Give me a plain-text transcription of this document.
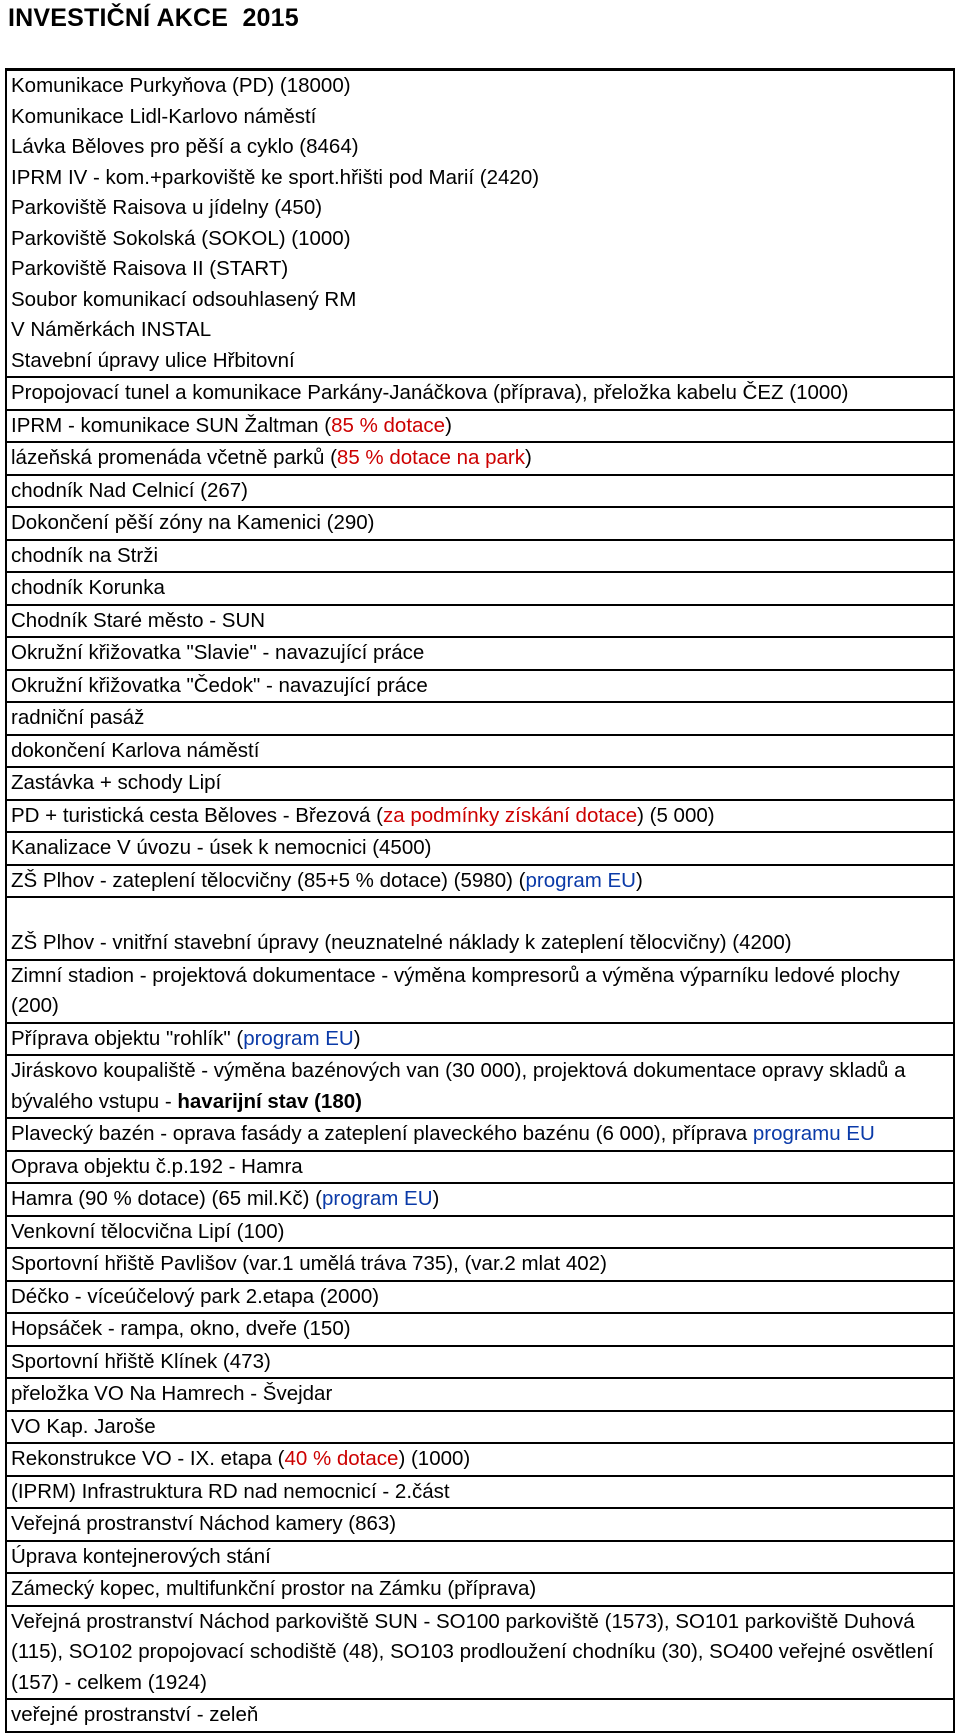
INVESTIČNÍ AKCE  2015
Komunikace Purkyňova (PD) (18000)
Komunikace Lidl-Karlovo náměstí
Lávka Běloves pro pěší a cyklo (8464)
IPRM IV - kom.+parkoviště ke sport.hřišti pod Marií (2420)
Parkoviště Raisova u jídelny (450)
Parkoviště Sokolská (SOKOL) (1000)
Parkoviště Raisova II (START)
Soubor komunikací odsouhlasený RM
V Náměrkách INSTAL
Stavební úpravy ulice Hřbitovní
Propojovací tunel a komunikace Parkány-Janáčkova (příprava), přeložka kabelu ČEZ (1000)
IPRM - komunikace SUN Žaltman (85 % dotace)
lázeňská promenáda včetně parků (85 % dotace na park)
chodník Nad Celnicí (267)
Dokončení pěší zóny na Kamenici (290)
chodník na Strži
chodník Korunka
Chodník Staré město - SUN
Okružní křižovatka "Slavie" - navazující práce
Okružní křižovatka "Čedok" - navazující práce
radniční pasáž
dokončení Karlova náměstí
Zastávka + schody Lipí
PD + turistická cesta Běloves - Březová (za podmínky získání dotace) (5 000)
Kanalizace V úvozu - úsek k nemocnici (4500)
ZŠ Plhov - zateplení tělocvičny (85+5 % dotace) (5980) (program EU)

ZŠ Plhov - vnitřní stavební úpravy (neuznatelné náklady k zateplení tělocvičny) (4200)
Zimní stadion - projektová dokumentace - výměna kompresorů a výměna výparníku ledové plochy (200)
Příprava objektu "rohlík" (program EU)
Jiráskovo koupaliště - výměna bazénových van (30 000), projektová dokumentace opravy skladů a bývalého vstupu - havarijní stav (180)
Plavecký bazén - oprava fasády a zateplení plaveckého bazénu (6 000), příprava programu EU
Oprava objektu č.p.192 - Hamra
Hamra (90 % dotace) (65 mil.Kč) (program EU)
Venkovní tělocvična Lipí (100)
Sportovní hřiště Pavlišov (var.1 umělá tráva 735), (var.2 mlat 402)
Déčko - víceúčelový park 2.etapa (2000)
Hopsáček - rampa, okno, dveře (150)
Sportovní hřiště Klínek (473)
přeložka VO Na Hamrech - Švejdar
VO Kap. Jaroše
Rekonstrukce VO - IX. etapa (40 % dotace) (1000)
(IPRM) Infrastruktura RD nad nemocnicí - 2.část
Veřejná prostranství Náchod kamery (863)
Úprava kontejnerových stání
Zámecký kopec, multifunkční prostor na Zámku (příprava)
Veřejná prostranství Náchod parkoviště SUN - SO100 parkoviště (1573), SO101 parkoviště Duhová (115), SO102 propojovací schodiště (48), SO103 prodloužení chodníku (30), SO400 veřejné osvětlení (157) - celkem (1924)
veřejné prostranství - zeleň
